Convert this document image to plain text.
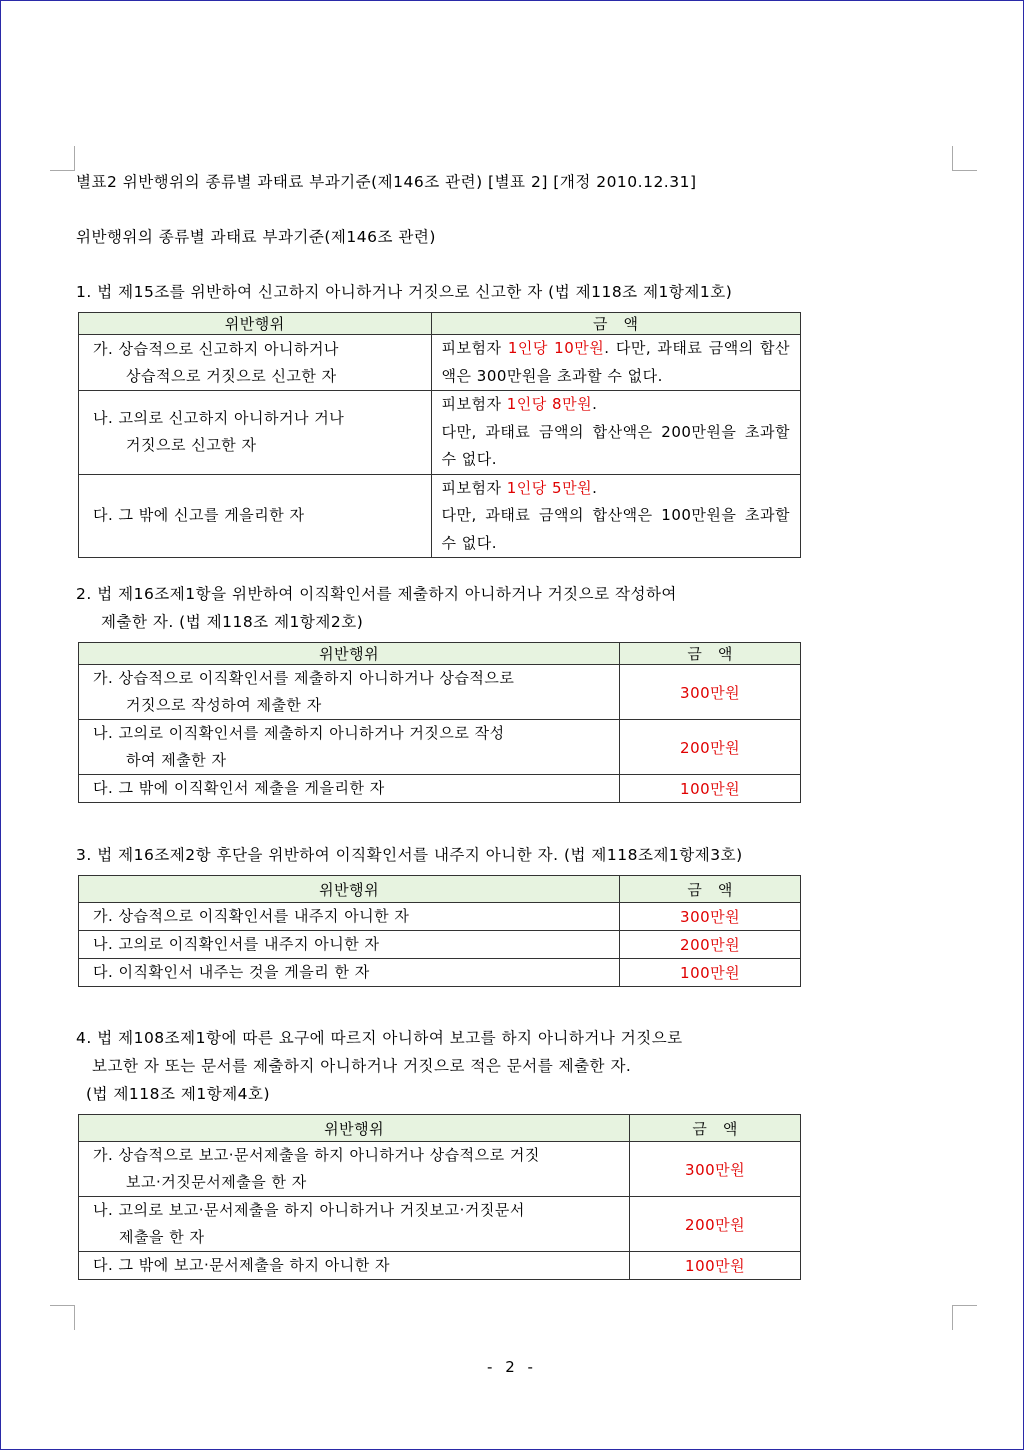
별표2 위반행위의 종류별 과태료 부과기준(제146조 관련) [별표 2] [개정 2010.12.31]
위반행위의 종류별 과태료 부과기준(제146조 관련)
1. 법 제15조를 위반하여 신고하지 아니하거나 거짓으로 신고한 자 (법 제118조 제1항제1호)
위반행위	금　액
가. 상습적으로 신고하지 아니하거나
상습적으로 거짓으로 신고한 자	피보험자 1인당 10만원. 다만, 과태료 금액의 합산액은 300만원을 초과할 수 없다.
나. 고의로 신고하지 아니하거나 거나
거짓으로 신고한 자	피보험자 1인당 8만원.
다만, 과태료 금액의 합산액은 200만원을 초과할 수 없다.
다. 그 밖에 신고를 게을리한 자	피보험자 1인당 5만원.
다만, 과태료 금액의 합산액은 100만원을 초과할 수 없다.
2. 법 제16조제1항을 위반하여 이직확인서를 제출하지 아니하거나 거짓으로 작성하여
제출한 자. (법 제118조 제1항제2호)
위반행위	금　액
가. 상습적으로 이직확인서를 제출하지 아니하거나 상습적으로
거짓으로 작성하여 제출한 자	300만원
나. 고의로 이직확인서를 제출하지 아니하거나 거짓으로 작성
하여 제출한 자	200만원
다. 그 밖에 이직확인서 제출을 게을리한 자	100만원
3. 법 제16조제2항 후단을 위반하여 이직확인서를 내주지 아니한 자. (법 제118조제1항제3호)
위반행위	금　액
가. 상습적으로 이직확인서를 내주지 아니한 자	300만원
나. 고의로 이직확인서를 내주지 아니한 자	200만원
다. 이직확인서 내주는 것을 게을리 한 자	100만원
4. 법 제108조제1항에 따른 요구에 따르지 아니하여 보고를 하지 아니하거나 거짓으로
보고한 자 또는 문서를 제출하지 아니하거나 거짓으로 적은 문서를 제출한 자.
(법 제118조 제1항제4호)
위반행위	금　액
가. 상습적으로 보고·문서제출을 하지 아니하거나 상습적으로 거짓
보고·거짓문서제출을 한 자	300만원
나. 고의로 보고·문서제출을 하지 아니하거나 거짓보고·거짓문서
제출을 한 자	200만원
다. 그 밖에 보고·문서제출을 하지 아니한 자	100만원
- 2 -
